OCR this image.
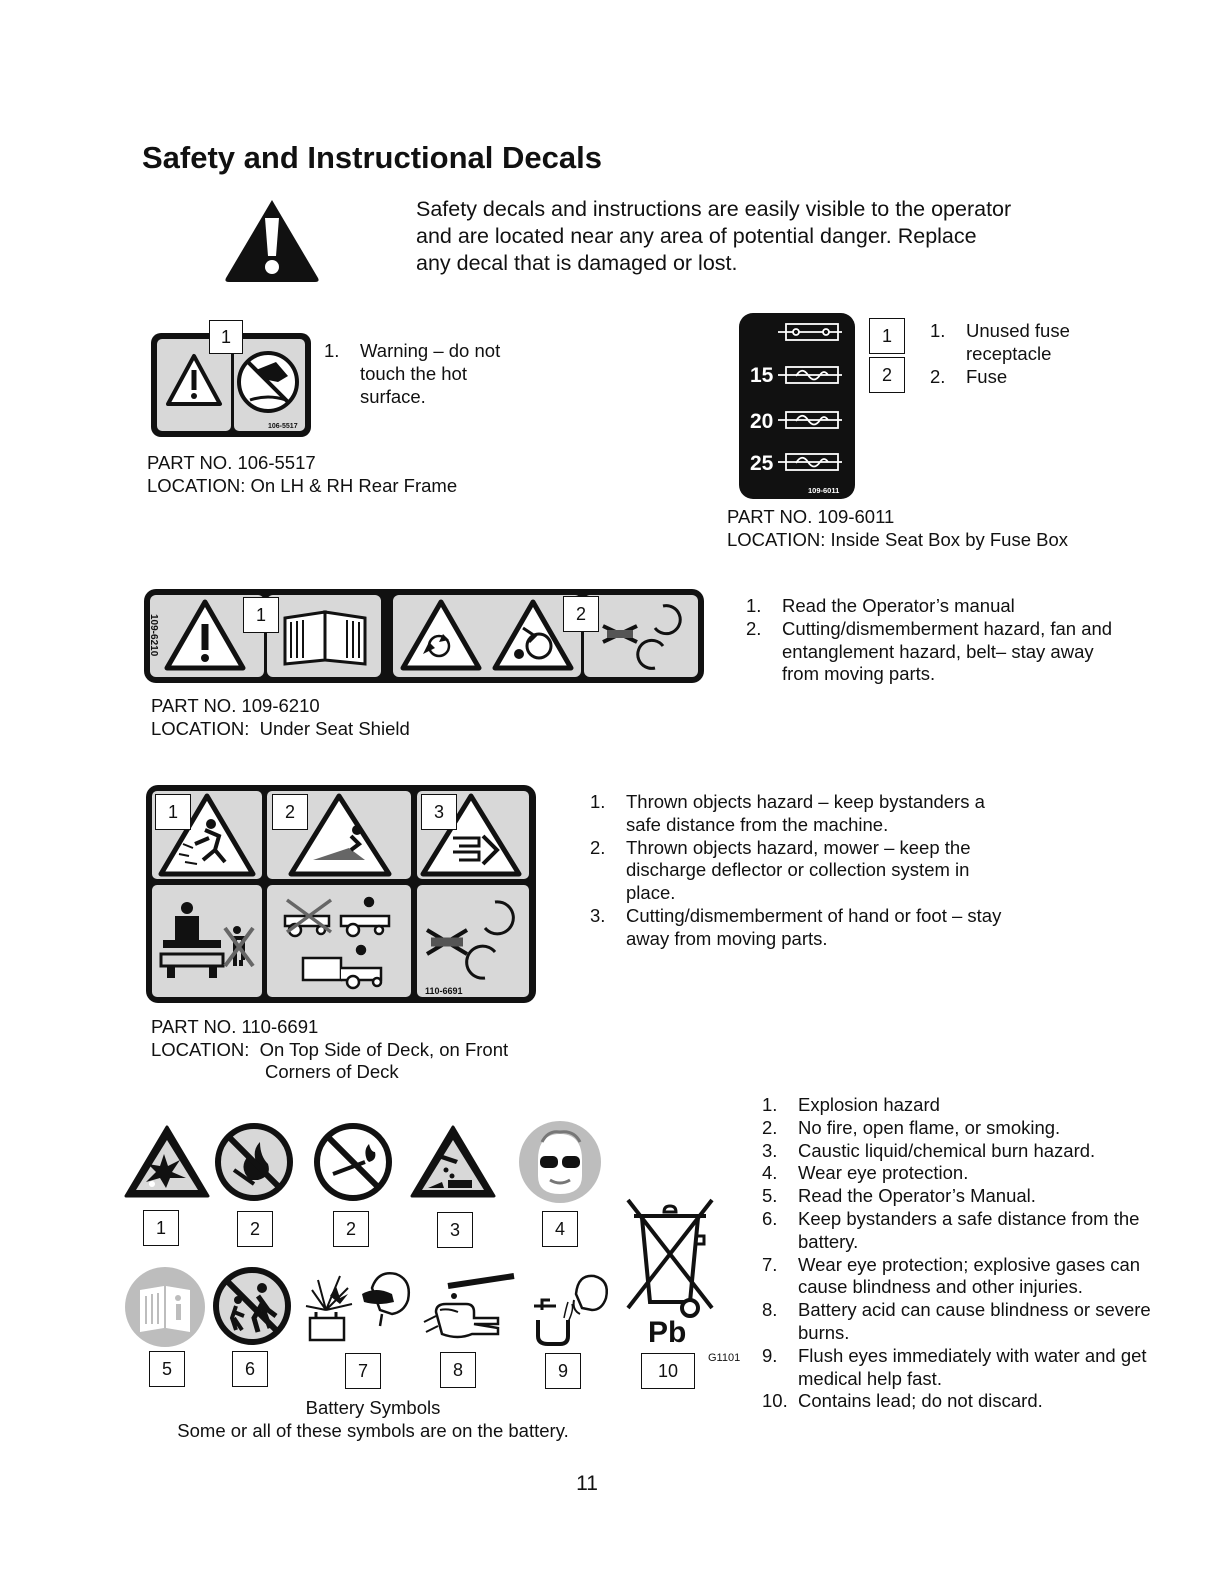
Safety and Instructional Decals
Safety decals and instructions are easily visible to the operator and are located near any area of potential danger. Replace any decal that is damaged or lost.
106-5517
1
1. Warning – do not touch the hot surface.
PART NO. 106-5517
LOCATION: On LH & RH Rear Frame
15
20
25
109-6011
1
2
1. Unused fuse receptacle
2. Fuse
PART NO. 109-6011
LOCATION: Inside Seat Box by Fuse Box
109-6210	1	2	1. Read the Operator’s manual
2. Cutting/dismemberment hazard, fan and entanglement hazard, belt– stay away from moving parts.
PART NO. 109-6210
LOCATION:  Under Seat Shield
110-6691
1	2	3	1. Thrown objects hazard – keep bystanders a safe distance from the machine.
2. Thrown objects hazard, mower – keep the discharge deflector or collection system in place.
3. Cutting/dismemberment of hand or foot – stay away from moving parts.
PART NO. 110-6691
LOCATION:  On Top Side of Deck, on Front
Corners of Deck
1	2	2	3	4
Pb
G1101
5	6	7	8	9	10
Battery Symbols
Some or all of these symbols are on the battery.
1. Explosion hazard
2. No fire, open flame, or smoking.
3. Caustic liquid/chemical burn hazard.
4. Wear eye protection.
5. Read the Operator’s Manual.
6. Keep bystanders a safe distance from the battery.
7. Wear eye protection; explosive gases can cause blindness and other injuries.
8. Battery acid can cause blindness or severe burns.
9. Flush eyes immediately with water and get medical help fast.
10. Contains lead; do not discard.
11
